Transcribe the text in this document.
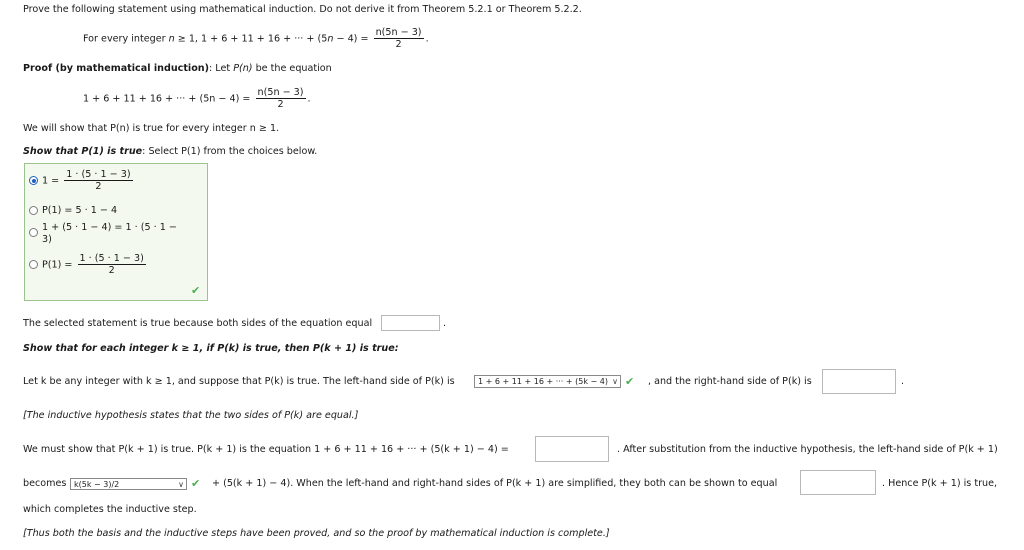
Prove the following statement using mathematical induction. Do not derive it from Theorem 5.2.1 or Theorem 5.2.2.
For every integer n ≥ 1, 1 + 6 + 11 + 16 + ··· + $(5n - 4) = \frac{n(5n - 3)}{2}$ .
Proof (by mathematical induction): Let P(n) be the equation
1 + 6 + 11 + 16 + ··· + $(5n - 4) = \frac{n(5n - 3)}{2}$ .
We will show that P(n) is true for every integer n ≥ 1.
Show that P(1) is true: Select P(1) from the choices below.
$1 = \frac{1 \cdot (5 \cdot 1 - 3)}{2}$
P(1) = 5 · 1 − 4
1 + (5 · 1 − 4) = 1 · (5 · 1 −
3)
$P(1) = \frac{1 \cdot (5 \cdot 1 - 3)}{2}$
✔
The selected statement is true because both sides of the equation equal	.
Show that for each integer k ≥ 1, if P(k) is true, then P(k + 1) is true:
Let k be any integer with k ≥ 1, and suppose that P(k) is true. The left-hand side of P(k) is	1 + 6 + 11 + 16 + ··· + (5k − 4) ∨ ✔ , and the right-hand side of P(k) is	.
[The inductive hypothesis states that the two sides of P(k) are equal.]
We must show that P(k + 1) is true. P(k + 1) is the equation 1 + 6 + 11 + 16 + ··· + (5(k + 1) − 4) =	. After substitution from the inductive hypothesis, the left-hand side of P(k + 1)
becomes k(5k − 3)/2	∨ ✔ + (5(k + 1) − 4). When the left-hand and right-hand sides of P(k + 1) are simplified, they both can be shown to equal	. Hence P(k + 1) is true,
which completes the inductive step.
[Thus both the basis and the inductive steps have been proved, and so the proof by mathematical induction is complete.]
